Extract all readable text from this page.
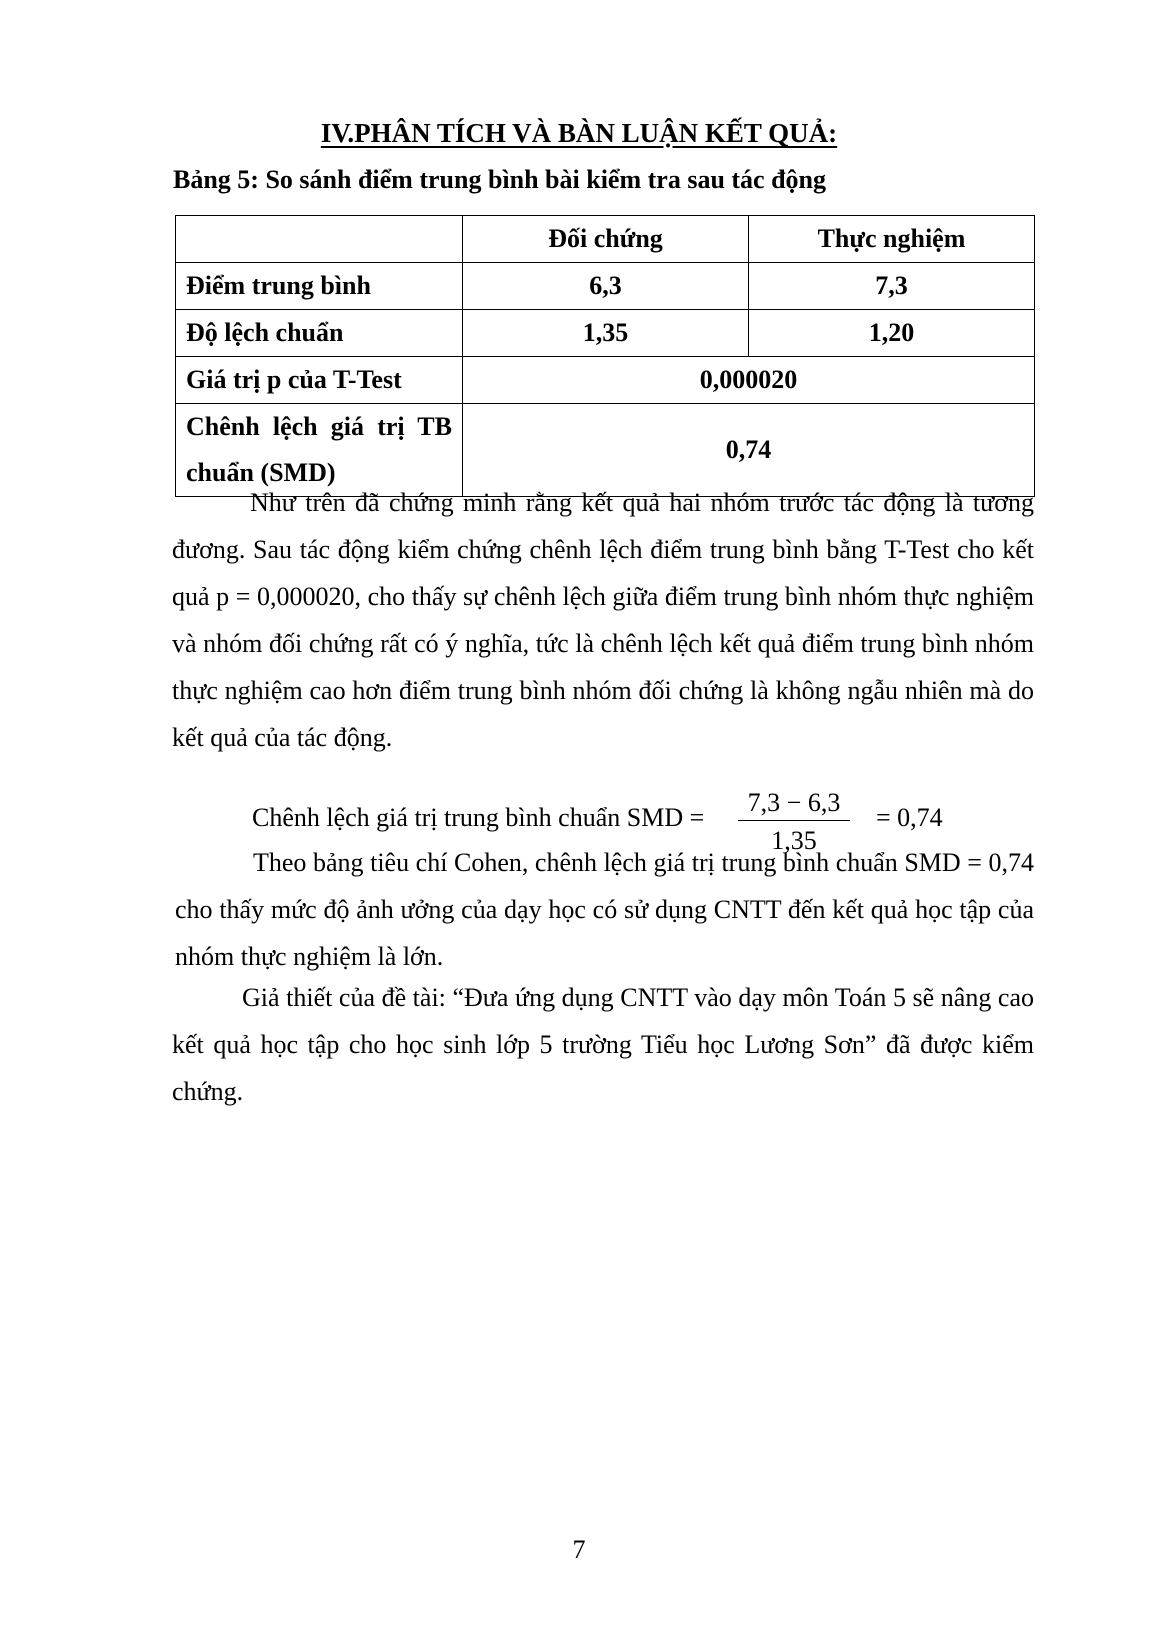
IV.PHÂN TÍCH VÀ BÀN LUẬN KẾT QUẢ:
Bảng 5: So sánh điểm trung bình bài kiểm tra sau tác động
	Đối chứng	Thực nghiệm
Điểm trung bình	6,3	7,3
Độ lệch chuẩn	1,35	1,20
Giá trị p của T-Test	0,000020	
Chênh lệch giá trị TB chuẩn (SMD)	0,74	
Như trên đã chứng minh rằng kết quả hai nhóm trước tác động là tương đương. Sau tác động kiểm chứng chênh lệch điểm trung bình bằng T-Test cho kết quả p = 0,000020, cho thấy sự chênh lệch giữa điểm trung bình nhóm thực nghiệm và nhóm đối chứng rất có ý nghĩa, tức là chênh lệch kết quả điểm trung bình nhóm thực nghiệm cao hơn điểm trung bình nhóm đối chứng là không ngẫu nhiên mà do kết quả của tác động.
Chênh lệch giá trị trung bình chuẩn SMD =
7,3 − 6,3
1,35
= 0,74
Theo bảng tiêu chí Cohen, chênh lệch giá trị trung bình chuẩn SMD = 0,74 cho thấy mức độ ảnh ưởng của dạy học có sử dụng CNTT đến kết quả học tập của nhóm thực nghiệm là lớn.
Giả thiết của đề tài: “Đưa ứng dụng CNTT vào dạy môn Toán 5 sẽ nâng cao kết quả học tập cho học sinh lớp 5 trường Tiểu học Lương Sơn” đã được kiểm chứng.
7
